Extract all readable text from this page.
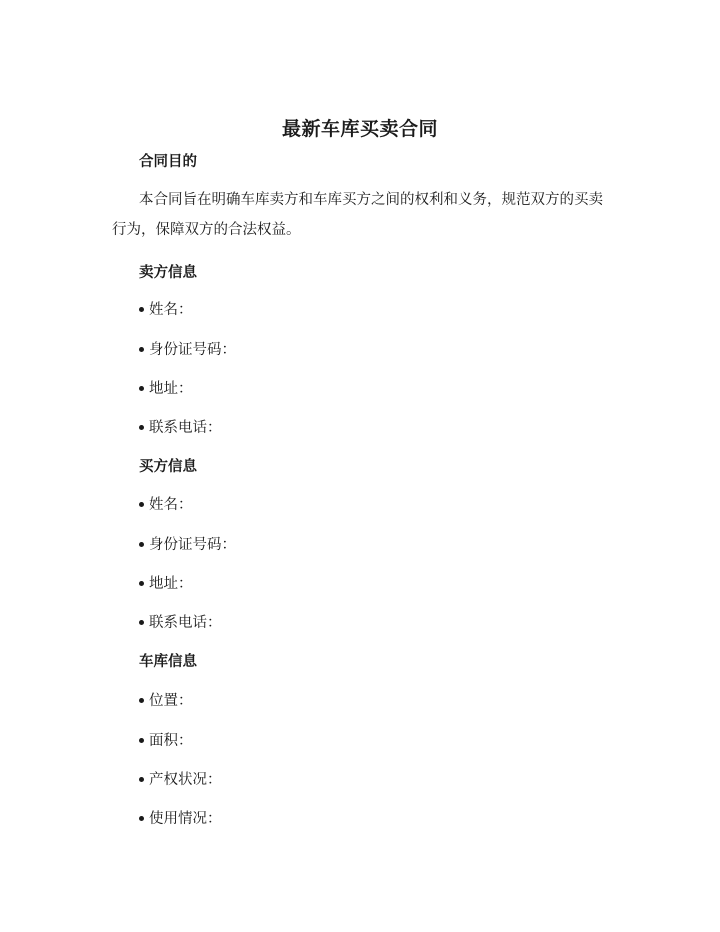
最新车库买卖合同
合同目的

本合同旨在明确车库卖方和车库买方之间的权利和义务，规范双方的买卖行为，保障双方的合法权益。

卖方信息
姓名：
身份证号码：
地址：
联系电话：
买方信息
姓名：
身份证号码：
地址：
联系电话：
车库信息
位置：
面积：
产权状况：
使用情况：
